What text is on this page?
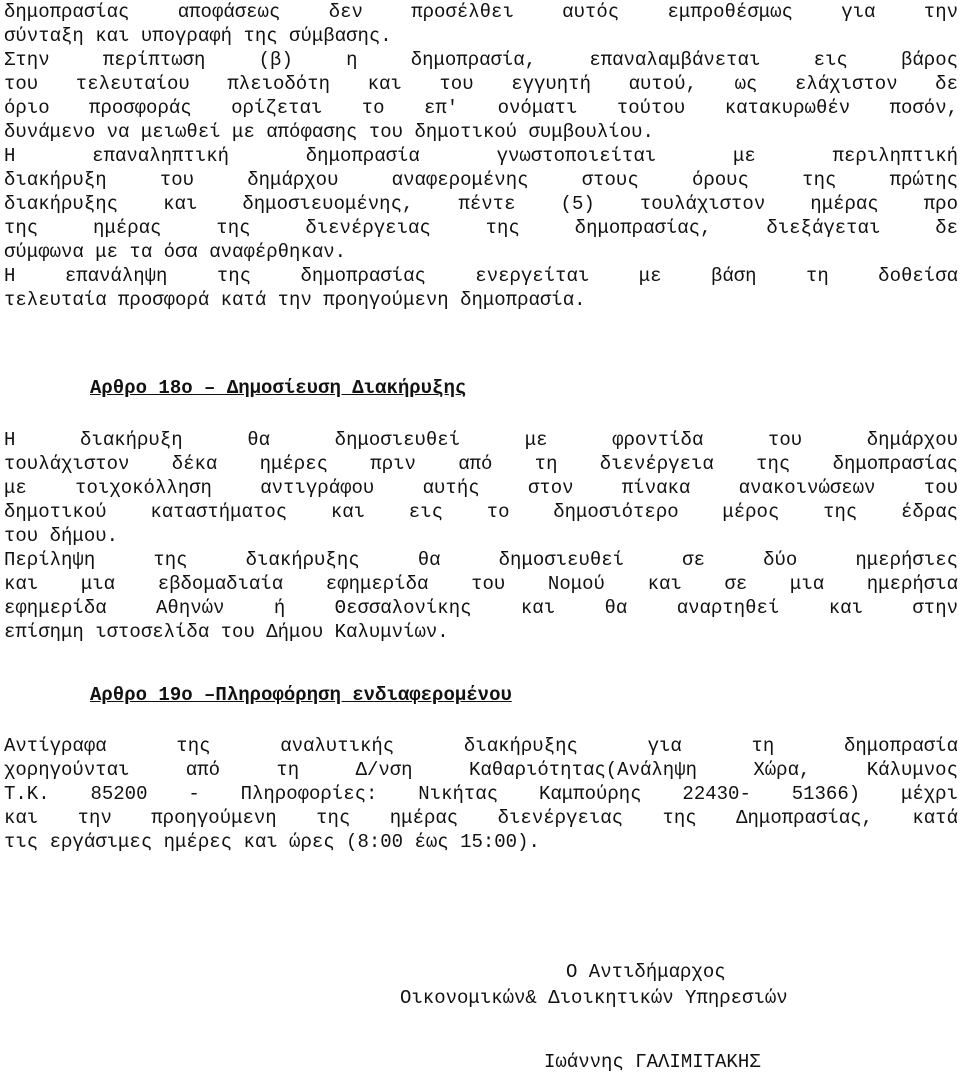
δημοπρασίας αποφάσεως δεν προσέλθει αυτός εμπροθέσμως για την
σύνταξη και υπογραφή της σύμβασης.
Στην περίπτωση (β) η δημοπρασία, επαναλαμβάνεται εις βάρος
του τελευταίου πλειοδότη και του εγγυητή αυτού, ως ελάχιστον δε
όριο προσφοράς ορίζεται το επ' ονόματι τούτου κατακυρωθέν ποσόν,
δυνάμενο να μειωθεί με απόφασης του δημοτικού συμβουλίου.
Η επαναληπτική δημοπρασία γνωστοποιείται με περιληπτική
διακήρυξη του δημάρχου αναφερομένης στους όρους της πρώτης
διακήρυξης και δημοσιευομένης, πέντε (5) τουλάχιστον ημέρας προ
της ημέρας της διενέργειας της δημοπρασίας, διεξάγεται δε
σύμφωνα με τα όσα αναφέρθηκαν.
Η επανάληψη της δημοπρασίας ενεργείται με βάση τη δοθείσα
τελευταία προσφορά κατά την προηγούμενη δημοπρασία.
Αρθρο 18ο – Δημοσίευση Διακήρυξης
Η διακήρυξη θα δημοσιευθεί με φροντίδα του δημάρχου
τουλάχιστον δέκα ημέρες πριν από τη διενέργεια της δημοπρασίας
με τοιχοκόλληση αντιγράφου αυτής στον πίνακα ανακοινώσεων του
δημοτικού καταστήματος και εις το δημοσιότερο μέρος της έδρας
του δήμου.
Περίληψη της διακήρυξης θα δημοσιευθεί σε δύο ημερήσιες
και μια εβδομαδιαία εφημερίδα του Νομού και σε μια ημερήσια
εφημερίδα Αθηνών ή Θεσσαλονίκης και θα αναρτηθεί και στην
επίσημη ιστοσελίδα του Δήμου Καλυμνίων.
Αρθρο 19ο –Πληροφόρηση ενδιαφερομένου
Αντίγραφα της αναλυτικής διακήρυξης για τη δημοπρασία
χορηγούνται από τη Δ/νση Καθαριότητας(Ανάληψη Χώρα, Κάλυμνος
Τ.Κ. 85200 - Πληροφορίες: Νικήτας Καμπούρης 22430- 51366) μέχρι
και την προηγούμενη της ημέρας διενέργειας της Δημοπρασίας, κατά
τις εργάσιμες ημέρες και ώρες (8:00 έως 15:00).
Ο Αντιδήμαρχος
Οικονομικών& Διοικητικών Υπηρεσιών
Ιωάννης ΓΑΛΙΜΙΤΑΚΗΣ
